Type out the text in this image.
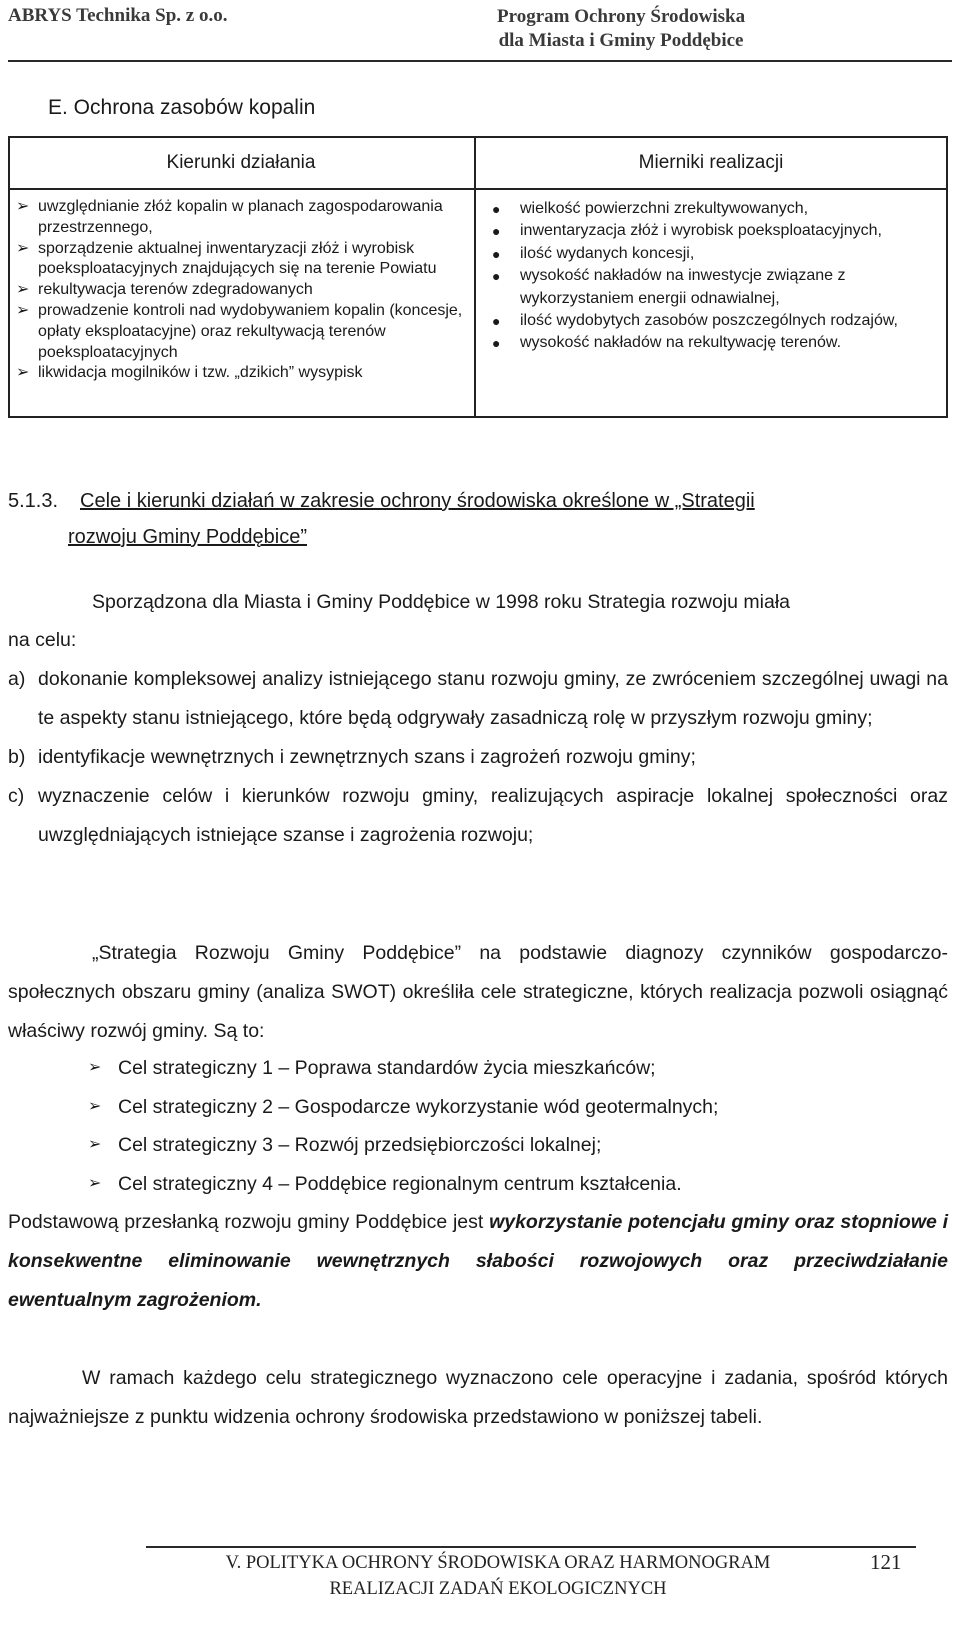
ABRYS Technika Sp. z o.o.	Program Ochrony Środowiska
dla Miasta i Gminy Poddębice
E. Ochrona zasobów kopalin
Kierunki działania	Mierniki realizacji
➢ uwzględnianie złóż kopalin w planach zagospodarowania przestrzennego,
➢ sporządzenie aktualnej inwentaryzacji złóż i wyrobisk poeksploatacyjnych znajdujących się na terenie Powiatu
➢ rekultywacja terenów zdegradowanych
➢ prowadzenie kontroli nad wydobywaniem kopalin (koncesje, opłaty eksploatacyjne) oraz rekultywacją terenów poeksploatacyjnych
➢ likwidacja mogilników i tzw. „dzikich” wysypisk
● wielkość powierzchni zrekultywowanych,
● inwentaryzacja złóż i wyrobisk poeksploatacyjnych,
● ilość wydanych koncesji,
● wysokość nakładów na inwestycje związane z wykorzystaniem energii odnawialnej,
● ilość wydobytych zasobów poszczególnych rodzajów,
● wysokość nakładów na rekultywację terenów.
5.1.3. Cele i kierunki działań w zakresie ochrony środowiska określone w „Strategii
rozwoju Gminy Poddębice”
Sporządzona dla Miasta i Gminy Poddębice w 1998 roku Strategia rozwoju miała
na celu:
a) dokonanie kompleksowej analizy istniejącego stanu rozwoju gminy, ze zwróceniem szczególnej uwagi na te aspekty stanu istniejącego, które będą odgrywały zasadniczą rolę w przyszłym rozwoju gminy;
b) identyfikacje wewnętrznych i zewnętrznych szans i zagrożeń rozwoju gminy;
c) wyznaczenie celów i kierunków rozwoju gminy, realizujących aspiracje lokalnej społeczności oraz uwzględniających istniejące szanse i zagrożenia rozwoju;
„Strategia Rozwoju Gminy Poddębice” na podstawie diagnozy czynników gospodarczo-społecznych obszaru gminy (analiza SWOT) określiła cele strategiczne, których realizacja pozwoli osiągnąć właściwy rozwój gminy. Są to:
➢ Cel strategiczny 1 – Poprawa standardów życia mieszkańców;
➢ Cel strategiczny 2 – Gospodarcze wykorzystanie wód geotermalnych;
➢ Cel strategiczny 3 – Rozwój przedsiębiorczości lokalnej;
➢ Cel strategiczny 4 – Poddębice regionalnym centrum kształcenia.
Podstawową przesłanką rozwoju gminy Poddębice jest wykorzystanie potencjału gminy oraz stopniowe i konsekwentne eliminowanie wewnętrznych słabości rozwojowych oraz przeciwdziałanie ewentualnym zagrożeniom.
W ramach każdego celu strategicznego wyznaczono cele operacyjne i zadania, spośród których najważniejsze z punktu widzenia ochrony środowiska przedstawiono w poniższej tabeli.
V. POLITYKA OCHRONY ŚRODOWISKA ORAZ HARMONOGRAM
REALIZACJI ZADAŃ EKOLOGICZNYCH
121
